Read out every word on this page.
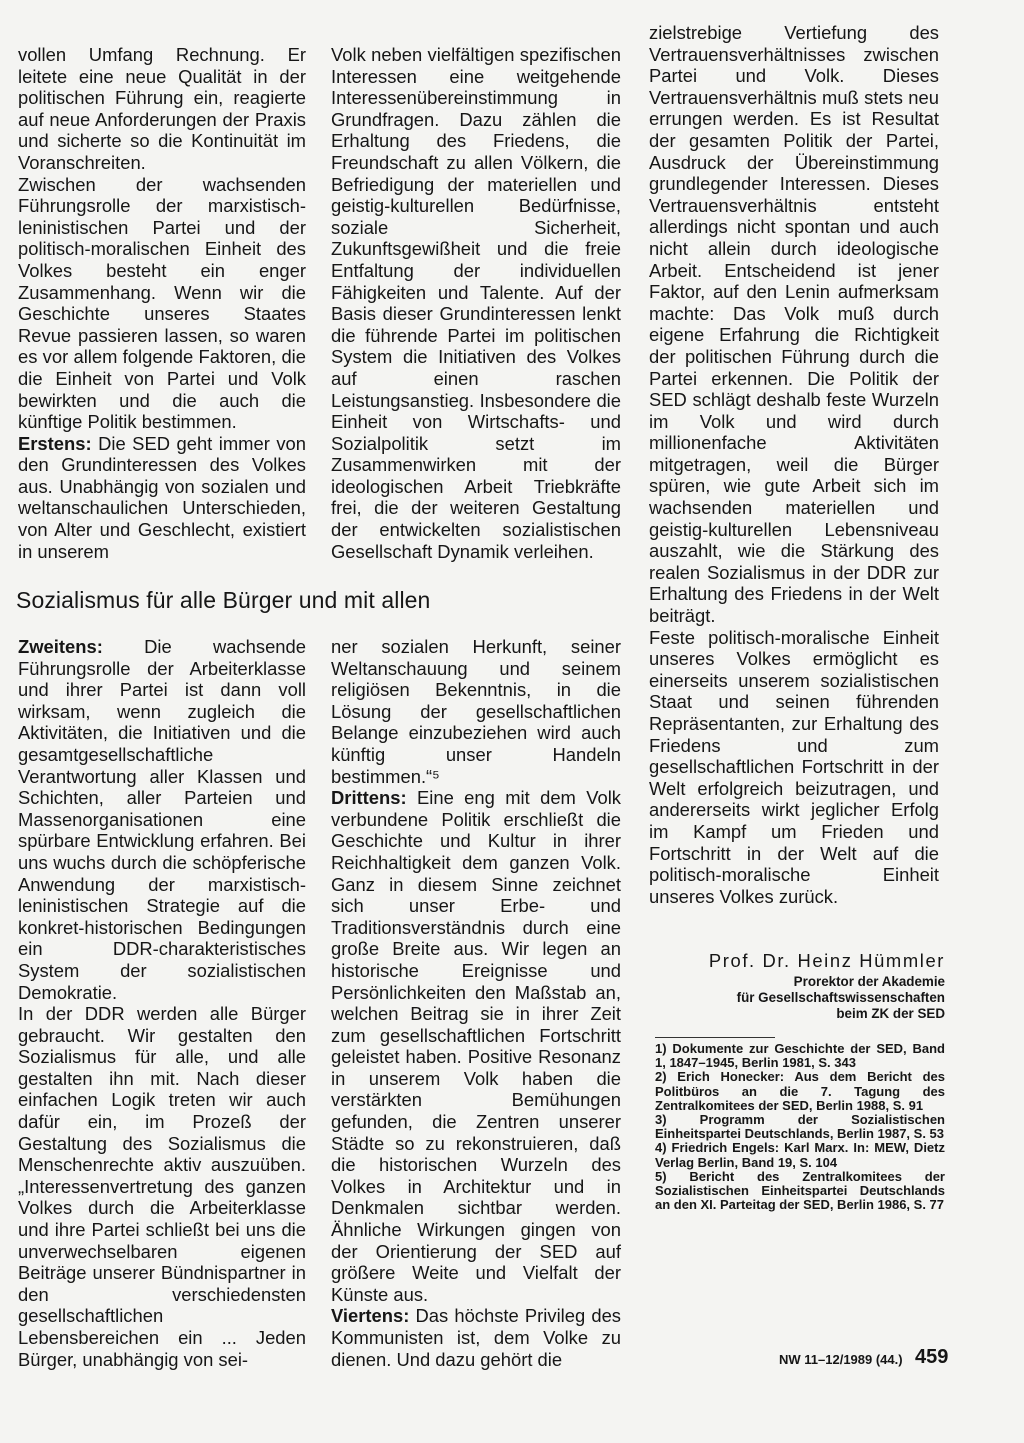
vollen Umfang Rechnung. Er leitete eine neue Qualität in der politischen Führung ein, reagierte auf neue Anforderungen der Praxis und sicherte so die Kontinuität im Voranschreiten.

Zwischen der wachsenden Führungsrolle der marxistisch-leninistischen Partei und der politisch-moralischen Einheit des Volkes besteht ein enger Zusammenhang. Wenn wir die Geschichte unseres Staates Revue passieren lassen, so waren es vor allem folgende Faktoren, die die Einheit von Partei und Volk bewirkten und die auch die künftige Politik bestimmen.

Erstens: Die SED geht immer von den Grundinteressen des Volkes aus. Unabhängig von sozialen und weltanschaulichen Unterschieden, von Alter und Geschlecht, existiert in unserem

Volk neben vielfältigen spezifischen Interessen eine weitgehende Interessenübereinstimmung in Grundfragen. Dazu zählen die Erhaltung des Friedens, die Freundschaft zu allen Völkern, die Befriedigung der materiellen und geistig-kulturellen Bedürfnisse, soziale Sicherheit, Zukunftsgewißheit und die freie Entfaltung der individuellen Fähigkeiten und Talente. Auf der Basis dieser Grundinteressen lenkt die führende Partei im politischen System die Initiativen des Volkes auf einen raschen Leistungsanstieg. Insbesondere die Einheit von Wirtschafts- und Sozialpolitik setzt im Zusammenwirken mit der ideologischen Arbeit Triebkräfte frei, die der weiteren Gestaltung der entwickelten sozialistischen Gesellschaft Dynamik verleihen.

Sozialismus für alle Bürger und mit allen

Zweitens: Die wachsende Führungsrolle der Arbeiterklasse und ihrer Partei ist dann voll wirksam, wenn zugleich die Aktivitäten, die Initiativen und die gesamtgesellschaftliche Verantwortung aller Klassen und Schichten, aller Parteien und Massenorganisationen eine spürbare Entwicklung erfahren. Bei uns wuchs durch die schöpferische Anwendung der marxistisch-leninistischen Strategie auf die konkret-historischen Bedingungen ein DDR-charakteristisches System der sozialistischen Demokratie.

In der DDR werden alle Bürger gebraucht. Wir gestalten den Sozialismus für alle, und alle gestalten ihn mit. Nach dieser einfachen Logik treten wir auch dafür ein, im Prozeß der Gestaltung des Sozialismus die Menschenrechte aktiv auszuüben. „Interessenvertretung des ganzen Volkes durch die Arbeiterklasse und ihre Partei schließt bei uns die unverwechselbaren eigenen Beiträge unserer Bündnispartner in den verschiedensten gesellschaftlichen Lebensbereichen ein ... Jeden Bürger, unabhängig von sei-

ner sozialen Herkunft, seiner Weltanschauung und seinem religiösen Bekenntnis, in die Lösung der gesellschaftlichen Belange einzubeziehen wird auch künftig unser Handeln bestimmen.“⁵

Drittens: Eine eng mit dem Volk verbundene Politik erschließt die Geschichte und Kultur in ihrer Reichhaltigkeit dem ganzen Volk. Ganz in diesem Sinne zeichnet sich unser Erbe- und Traditionsverständnis durch eine große Breite aus. Wir legen an historische Ereignisse und Persönlichkeiten den Maßstab an, welchen Beitrag sie in ihrer Zeit zum gesellschaftlichen Fortschritt geleistet haben. Positive Resonanz in unserem Volk haben die verstärkten Bemühungen gefunden, die Zentren unserer Städte so zu rekonstruieren, daß die historischen Wurzeln des Volkes in Architektur und in Denkmalen sichtbar werden. Ähnliche Wirkungen gingen von der Orientierung der SED auf größere Weite und Vielfalt der Künste aus.

Viertens: Das höchste Privileg des Kommunisten ist, dem Volke zu dienen. Und dazu gehört die

zielstrebige Vertiefung des Vertrauensverhältnisses zwischen Partei und Volk. Dieses Vertrauensverhältnis muß stets neu errungen werden. Es ist Resultat der gesamten Politik der Partei, Ausdruck der Übereinstimmung grundlegender Interessen. Dieses Vertrauensverhältnis entsteht allerdings nicht spontan und auch nicht allein durch ideologische Arbeit. Entscheidend ist jener Faktor, auf den Lenin aufmerksam machte: Das Volk muß durch eigene Erfahrung die Richtigkeit der politischen Führung durch die Partei erkennen. Die Politik der SED schlägt deshalb feste Wurzeln im Volk und wird durch millionenfache Aktivitäten mitgetragen, weil die Bürger spüren, wie gute Arbeit sich im wachsenden materiellen und geistig-kulturellen Lebensniveau auszahlt, wie die Stärkung des realen Sozialismus in der DDR zur Erhaltung des Friedens in der Welt beiträgt.

Feste politisch-moralische Einheit unseres Volkes ermöglicht es einerseits unserem sozialistischen Staat und seinen führenden Repräsentanten, zur Erhaltung des Friedens und zum gesellschaftlichen Fortschritt in der Welt erfolgreich beizutragen, und andererseits wirkt jeglicher Erfolg im Kampf um Frieden und Fortschritt in der Welt auf die politisch-moralische Einheit unseres Volkes zurück.

Prof. Dr. Heinz Hümmler
Prorektor der Akademie
für Gesellschaftswissenschaften
beim ZK der SED

1) Dokumente zur Geschichte der SED, Band 1, 1847–1945, Berlin 1981, S. 343

2) Erich Honecker: Aus dem Bericht des Politbüros an die 7. Tagung des Zentralkomitees der SED, Berlin 1988, S. 91

3) Programm der Sozialistischen Einheitspartei Deutschlands, Berlin 1987, S. 53

4) Friedrich Engels: Karl Marx. In: MEW, Dietz Verlag Berlin, Band 19, S. 104

5) Bericht des Zentralkomitees der Sozialistischen Einheitspartei Deutschlands an den XI. Parteitag der SED, Berlin 1986, S. 77

NW 11–12/1989 (44.) 459
